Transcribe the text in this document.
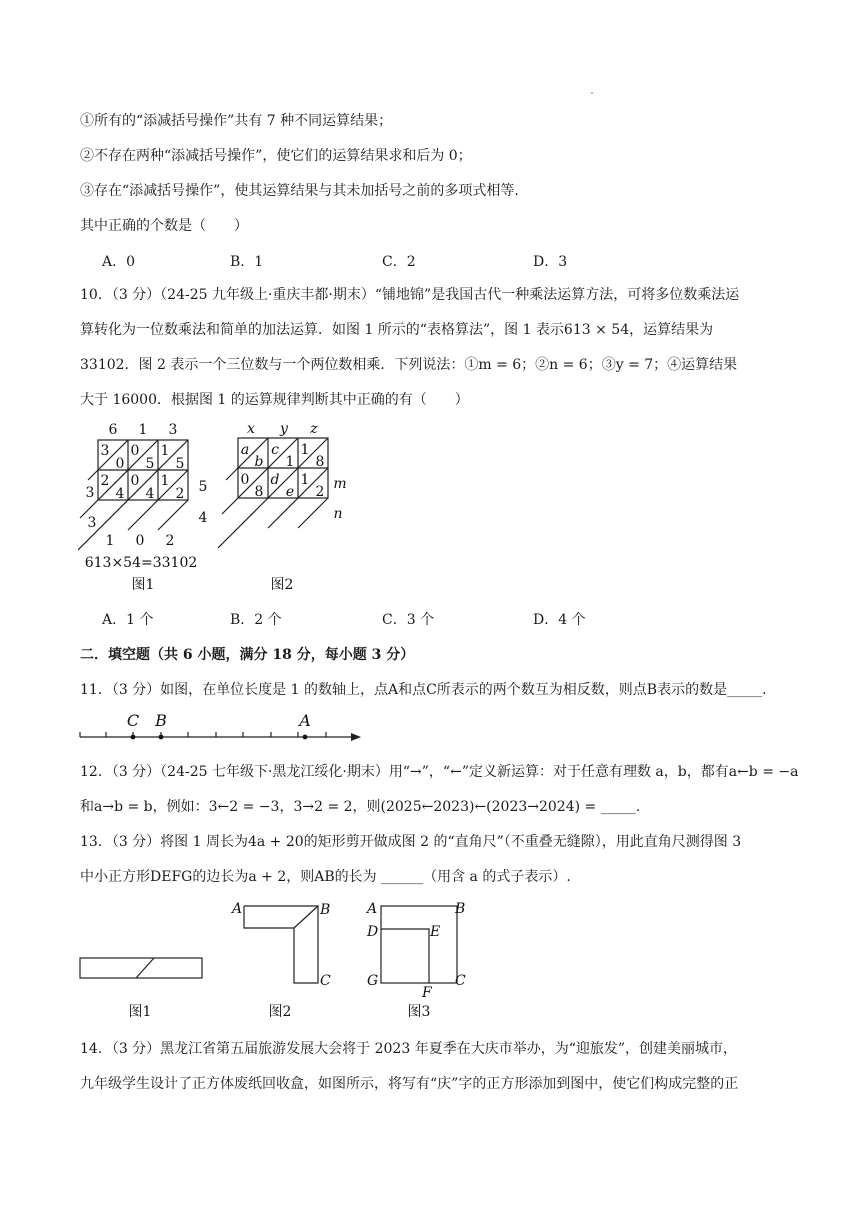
①所有的“添减括号操作”共有 7 种不同运算结果；
②不存在两种“添减括号操作”，使它们的运算结果求和后为 0；
③存在“添减括号操作”，使其运算结果与其未加括号之前的多项式相等.
其中正确的个数是（　　）
A．0	B．1	C．2	D．3
10．（3 分）（24-25 九年级上·重庆丰都·期末）“铺地锦”是我国古代一种乘法运算方法，可将多位数乘法运
算转化为一位数乘法和简单的加法运算．如图 1 所示的“表格算法”，图 1 表示613 × 54，运算结果为
33102．图 2 表示一个三位数与一个两位数相乘．下列说法：①m = 6；②n = 6；③y = 7；④运算结果
大于 16000．根据图 1 的运算规律判断其中正确的有（　　）
6 1 3
3 0 1
0 5 5
2 0 1
4 4 2 5
4
3
3
1 0 2
613×54=33102
图1
x y z
a c 1
b 1 8
0 d 1
8 e 2 m
n
图2
A．1 个	B．2 个	C．3 个	D．4 个
二．填空题（共 6 小题，满分 18 分，每小题 3 分）
11．（3 分）如图，在单位长度是 1 的数轴上，点A和点C所表示的两个数互为相反数，则点B表示的数是_____.
C B	A
12．（3 分）（24-25 七年级下·黑龙江绥化·期末）用“→”，“←”定义新运算：对于任意有理数 a，b，都有a←b = −a
和a→b = b，例如：3←2 = −3，3→2 = 2，则(2025←2023)←(2023→2024) = _____.
13．（3 分）将图 1 周长为4a + 20的矩形剪开做成图 2 的“直角尺”（不重叠无缝隙），用此直角尺测得图 3
中小正方形DEFG的边长为a + 2，则AB的长为 ______（用含 a 的式子表示）.
A	B
C
A	B
D	E
G
F
C
图1	图2	图3
14．（3 分）黑龙江省第五届旅游发展大会将于 2023 年夏季在大庆市举办，为“迎旅发”，创建美丽城市，
九年级学生设计了正方体废纸回收盒，如图所示，将写有“庆”字的正方形添加到图中，使它们构成完整的正
